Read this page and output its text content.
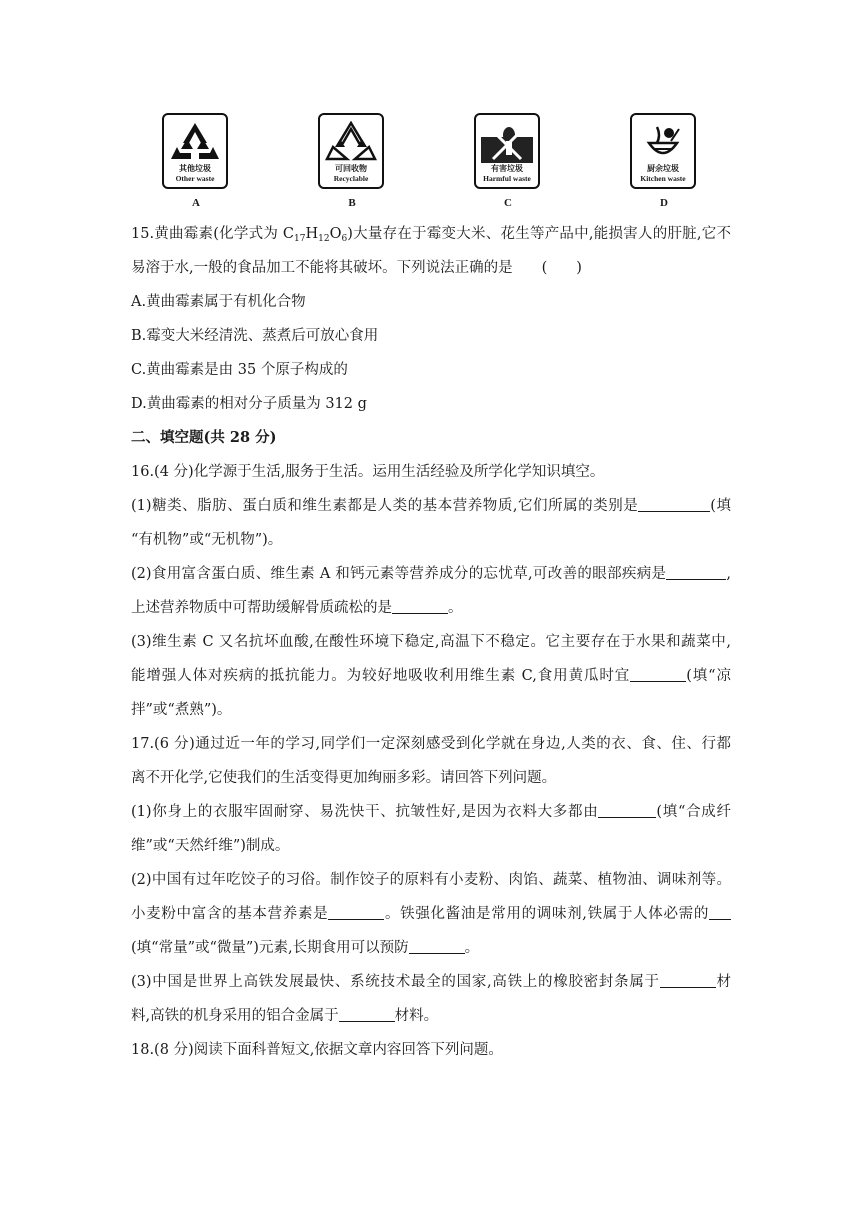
其他垃圾
Other waste
A
可回收物
Recyclable
B
有害垃圾
Harmful waste
C
厨余垃圾
Kitchen waste
D
15.黄曲霉素(化学式为 $C_{17}H_{12}O_6$)大量存在于霉变大米、花生等产品中,能损害人的肝脏,它不
易溶于水,一般的食品加工不能将其破坏。下列说法正确的是　　(　　)
A.黄曲霉素属于有机化合物
B.霉变大米经清洗、蒸煮后可放心食用
C.黄曲霉素是由 35 个原子构成的
D.黄曲霉素的相对分子质量为 312 g
二、填空题(共 28 分)
16.(4 分)化学源于生活,服务于生活。运用生活经验及所学化学知识填空。
(1)糖类、脂肪、蛋白质和维生素都是人类的基本营养物质,它们所属的类别是	(填
“有机物”或“无机物”)。
(2)食用富含蛋白质、维生素 A 和钙元素等营养成分的忘忧草,可改善的眼部疾病是	,
上述营养物质中可帮助缓解骨质疏松的是	。
(3)维生素 C 又名抗坏血酸,在酸性环境下稳定,高温下不稳定。它主要存在于水果和蔬菜中,
能增强人体对疾病的抵抗能力。为较好地吸收利用维生素 C,食用黄瓜时宜	(填“凉
拌”或“煮熟”)。
17.(6 分)通过近一年的学习,同学们一定深刻感受到化学就在身边,人类的衣、食、住、行都
离不开化学,它使我们的生活变得更加绚丽多彩。请回答下列问题。
(1)你身上的衣服牢固耐穿、易洗快干、抗皱性好,是因为衣料大多都由	(填“合成纤
维”或“天然纤维”)制成。
(2)中国有过年吃饺子的习俗。制作饺子的原料有小麦粉、肉馅、蔬菜、植物油、调味剂等。
小麦粉中富含的基本营养素是	。铁强化酱油是常用的调味剂,铁属于人体必需的
(填“常量”或“微量”)元素,长期食用可以预防	。
(3)中国是世界上高铁发展最快、系统技术最全的国家,高铁上的橡胶密封条属于	材
料,高铁的机身采用的铝合金属于	材料。
18.(8 分)阅读下面科普短文,依据文章内容回答下列问题。
